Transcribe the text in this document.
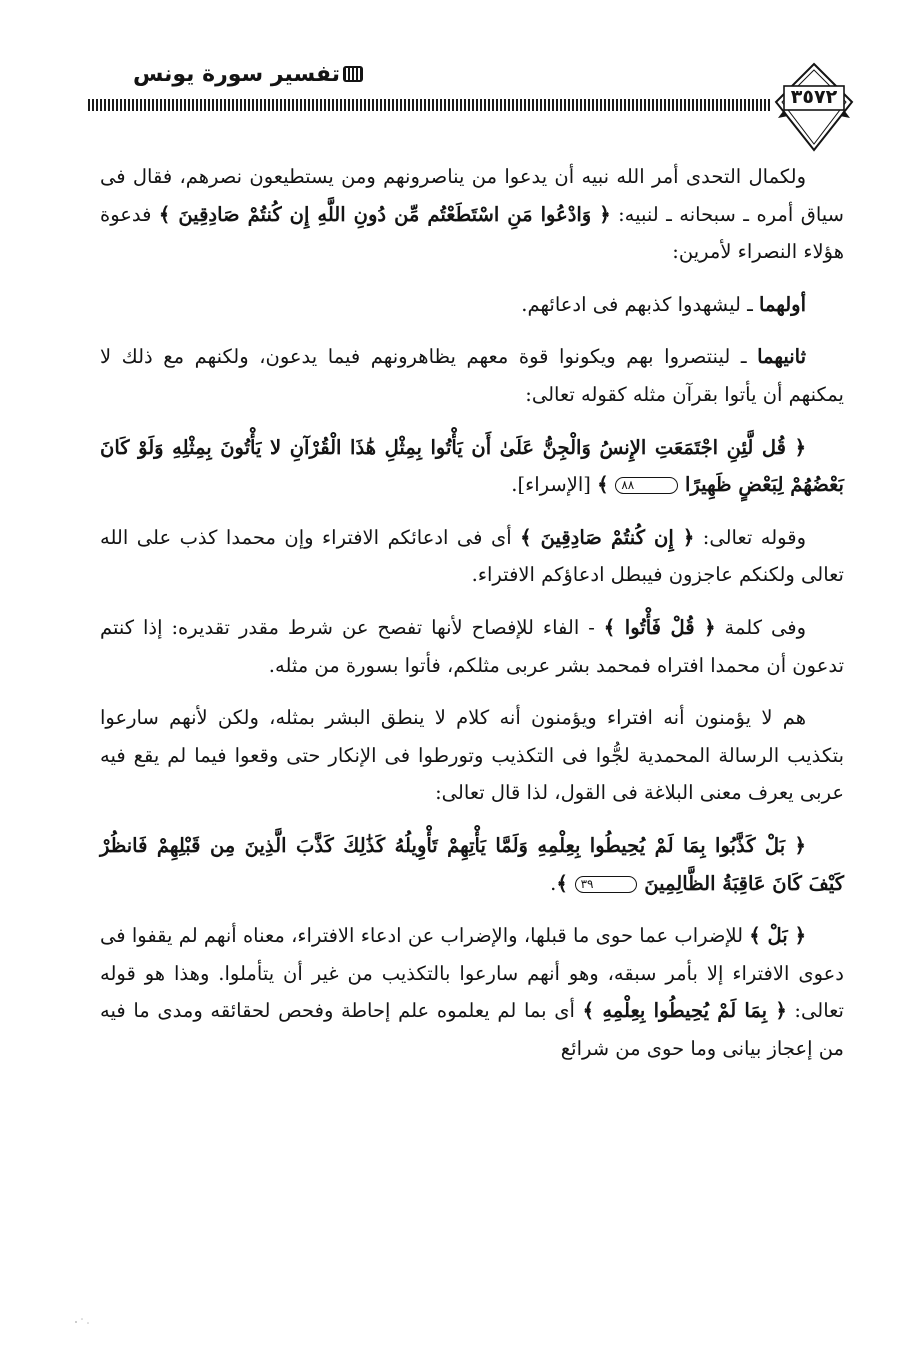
تفسير سورة يونس
٣٥٧٢

ولكمال التحدى أمر الله نبيه أن يدعوا من يناصرونهم ومن يستطيعون نصرهم، فقال فى سياق أمره ـ سبحانه ـ لنبيه: ﴿ وَادْعُوا مَنِ اسْتَطَعْتُم مِّن دُونِ اللَّهِ إِن كُنتُمْ صَادِقِينَ ﴾ فدعوة هؤلاء النصراء لأمرين:

أولهما ـ ليشهدوا كذبهم فى ادعائهم.

ثانيهما ـ لينتصروا بهم ويكونوا قوة معهم يظاهرونهم فيما يدعون، ولكنهم مع ذلك لا يمكنهم أن يأتوا بقرآن مثله كقوله تعالى:

﴿ قُل لَّئِنِ اجْتَمَعَتِ الإِنسُ وَالْجِنُّ عَلَىٰ أَن يَأْتُوا بِمِثْلِ هَٰذَا الْقُرْآنِ لا يَأْتُونَ بِمِثْلِهِ وَلَوْ كَانَ بَعْضُهُمْ لِبَعْضٍ ظَهِيرًا ٨٨ ﴾ [الإسراء].

وقوله تعالى: ﴿ إِن كُنتُمْ صَادِقِينَ ﴾ أى فى ادعائكم الافتراء وإن محمدا كذب على الله تعالى ولكنكم عاجزون فيبطل ادعاؤكم الافتراء.

وفى كلمة ﴿ قُلْ فَأْتُوا ﴾ - الفاء للإفصاح لأنها تفصح عن شرط مقدر تقديره: إذا كنتم تدعون أن محمدا افتراه فمحمد بشر عربى مثلكم، فأتوا بسورة من مثله.

هم لا يؤمنون أنه افتراء ويؤمنون أنه كلام لا ينطق البشر بمثله، ولكن لأنهم سارعوا بتكذيب الرسالة المحمدية لجُّوا فى التكذيب وتورطوا فى الإنكار حتى وقعوا فيما لم يقع فيه عربى يعرف معنى البلاغة فى القول، لذا قال تعالى:

﴿ بَلْ كَذَّبُوا بِمَا لَمْ يُحِيطُوا بِعِلْمِهِ وَلَمَّا يَأْتِهِمْ تَأْوِيلُهُ كَذَٰلِكَ كَذَّبَ الَّذِينَ مِن قَبْلِهِمْ فَانظُرْ كَيْفَ كَانَ عَاقِبَةُ الظَّالِمِينَ ٣٩ ﴾.

﴿ بَلْ ﴾ للإضراب عما حوى ما قبلها، والإضراب عن ادعاء الافتراء، معناه أنهم لم يقفوا فى دعوى الافتراء إلا بأمر سبقه، وهو أنهم سارعوا بالتكذيب من غير أن يتأملوا. وهذا هو قوله تعالى: ﴿ بِمَا لَمْ يُحِيطُوا بِعِلْمِهِ ﴾ أى بما لم يعلموه علم إحاطة وفحص لحقائقه ومدى ما فيه من إعجاز بيانى وما حوى من شرائع
